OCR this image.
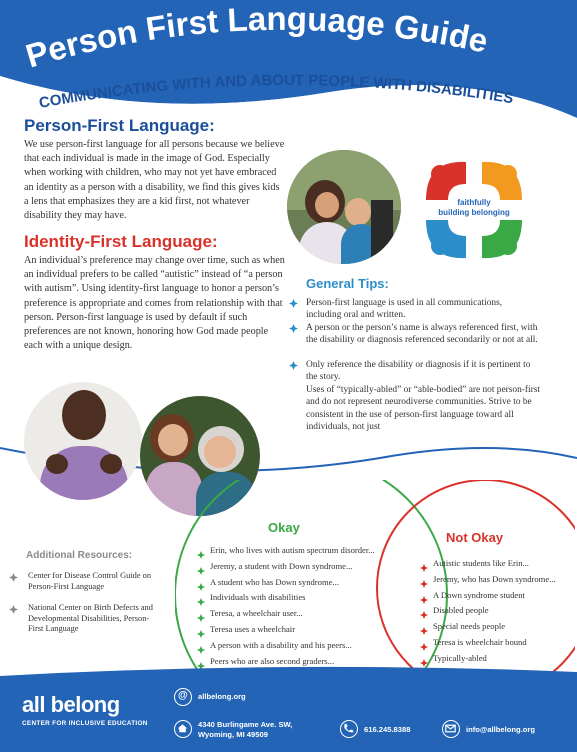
Person First Language Guide
COMMUNICATING WITH AND ABOUT PEOPLE WITH DISABILITIES
Person-First Language:
We use person-first language for all persons because we believe that each individual is made in the image of God. Especially when working with children, who may not yet have embraced an identity as a person with a disability, we find this gives kids a lens that emphasizes they are a kid first, not whatever disability they may have.
faithfully
building belonging
Identity-First Language:
An individual’s preference may change over time, such as when an individual prefers to be called “autistic” instead of “a person with autism”. Using identity-first language to honor a person’s preference is appropriate and comes from relationship with that person. Person-first language is used by default if such preferences are not known, honoring how God made people each with a unique design.
General Tips:
Person-first language is used in all communications, including oral and written.
A person or the person’s name is always referenced first, with the disability or diagnosis referenced secondarily or not at all.
Only reference the disability or diagnosis if it is pertinent to the story.
Uses of “typically-abled” or “able-bodied” are not person-first and do not represent neurodiverse communities. Strive to be consistent in the use of person-first language toward all individuals, not just
Okay
Not Okay
Erin, who lives with autism spectrum disorder...
Jeremy, a student with Down syndrome...
A student who has Down syndrome...
Individuals with disabilities
Teresa, a wheelchair user...
Teresa uses a wheelchair
A person with a disability and his peers...
Peers who are also second graders...
Autistic students like Erin...
Jeremy, who has Down syndrome...
A Down syndrome student
Disabled people
Special needs people
Teresa is wheelchair bound
Typically-abled
Additional Resources:
Center for Disease Control Guide on Person-First Language
National Center on Birth Defects and Developmental Disabilities, Person-First Language
all belong
CENTER FOR INCLUSIVE EDUCATION
@ allbelong.org
4340 Burlingame Ave. SW,
Wyoming, MI 49509
616.245.8388	info@allbelong.org
